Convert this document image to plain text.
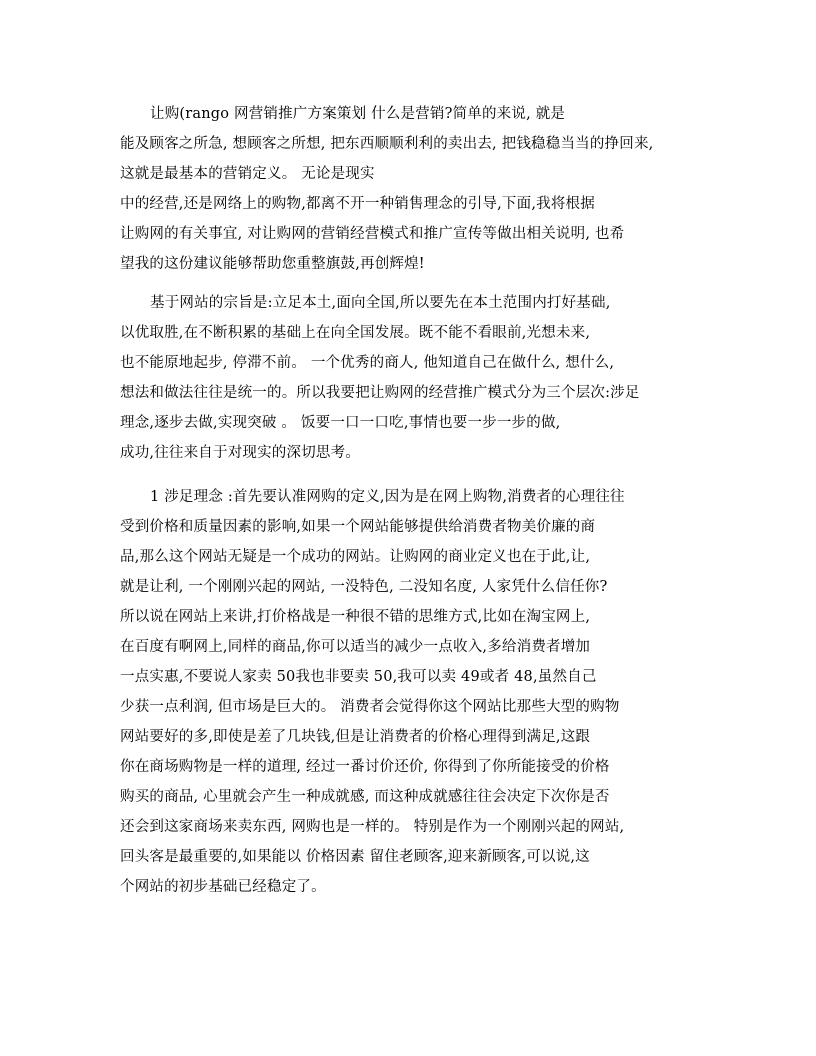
让购(rango 网营销推广方案策划 什么是营销?简单的来说, 就是
能及顾客之所急, 想顾客之所想, 把东西顺顺利利的卖出去, 把钱稳稳当当的挣回来,
这就是最基本的营销定义。 无论是现实
中的经营,还是网络上的购物,都离不开一种销售理念的引导,下面,我将根据
让购网的有关事宜, 对让购网的营销经营模式和推广宣传等做出相关说明, 也希
望我的这份建议能够帮助您重整旗鼓,再创辉煌!
基于网站的宗旨是:立足本土,面向全国,所以要先在本土范围内打好基础,
以优取胜,在不断积累的基础上在向全国发展。既不能不看眼前,光想未来,
也不能原地起步, 停滞不前。 一个优秀的商人, 他知道自己在做什么, 想什么,
想法和做法往往是统一的。所以我要把让购网的经营推广模式分为三个层次:涉足
理念,逐步去做,实现突破 。 饭要一口一口吃,事情也要一步一步的做,
成功,往往来自于对现实的深切思考。
1 涉足理念 :首先要认准网购的定义,因为是在网上购物,消费者的心理往往
受到价格和质量因素的影响,如果一个网站能够提供给消费者物美价廉的商
品,那么这个网站无疑是一个成功的网站。让购网的商业定义也在于此,让,
就是让利, 一个刚刚兴起的网站, 一没特色, 二没知名度, 人家凭什么信任你?
所以说在网站上来讲,打价格战是一种很不错的思维方式,比如在淘宝网上,
在百度有啊网上,同样的商品,你可以适当的减少一点收入,多给消费者增加
一点实惠,不要说人家卖 50我也非要卖 50,我可以卖 49或者 48,虽然自己
少获一点利润, 但市场是巨大的。 消费者会觉得你这个网站比那些大型的购物
网站要好的多,即使是差了几块钱,但是让消费者的价格心理得到满足,这跟
你在商场购物是一样的道理, 经过一番讨价还价, 你得到了你所能接受的价格
购买的商品, 心里就会产生一种成就感, 而这种成就感往往会决定下次你是否
还会到这家商场来卖东西, 网购也是一样的。 特别是作为一个刚刚兴起的网站,
回头客是最重要的,如果能以 价格因素 留住老顾客,迎来新顾客,可以说,这
个网站的初步基础已经稳定了。
